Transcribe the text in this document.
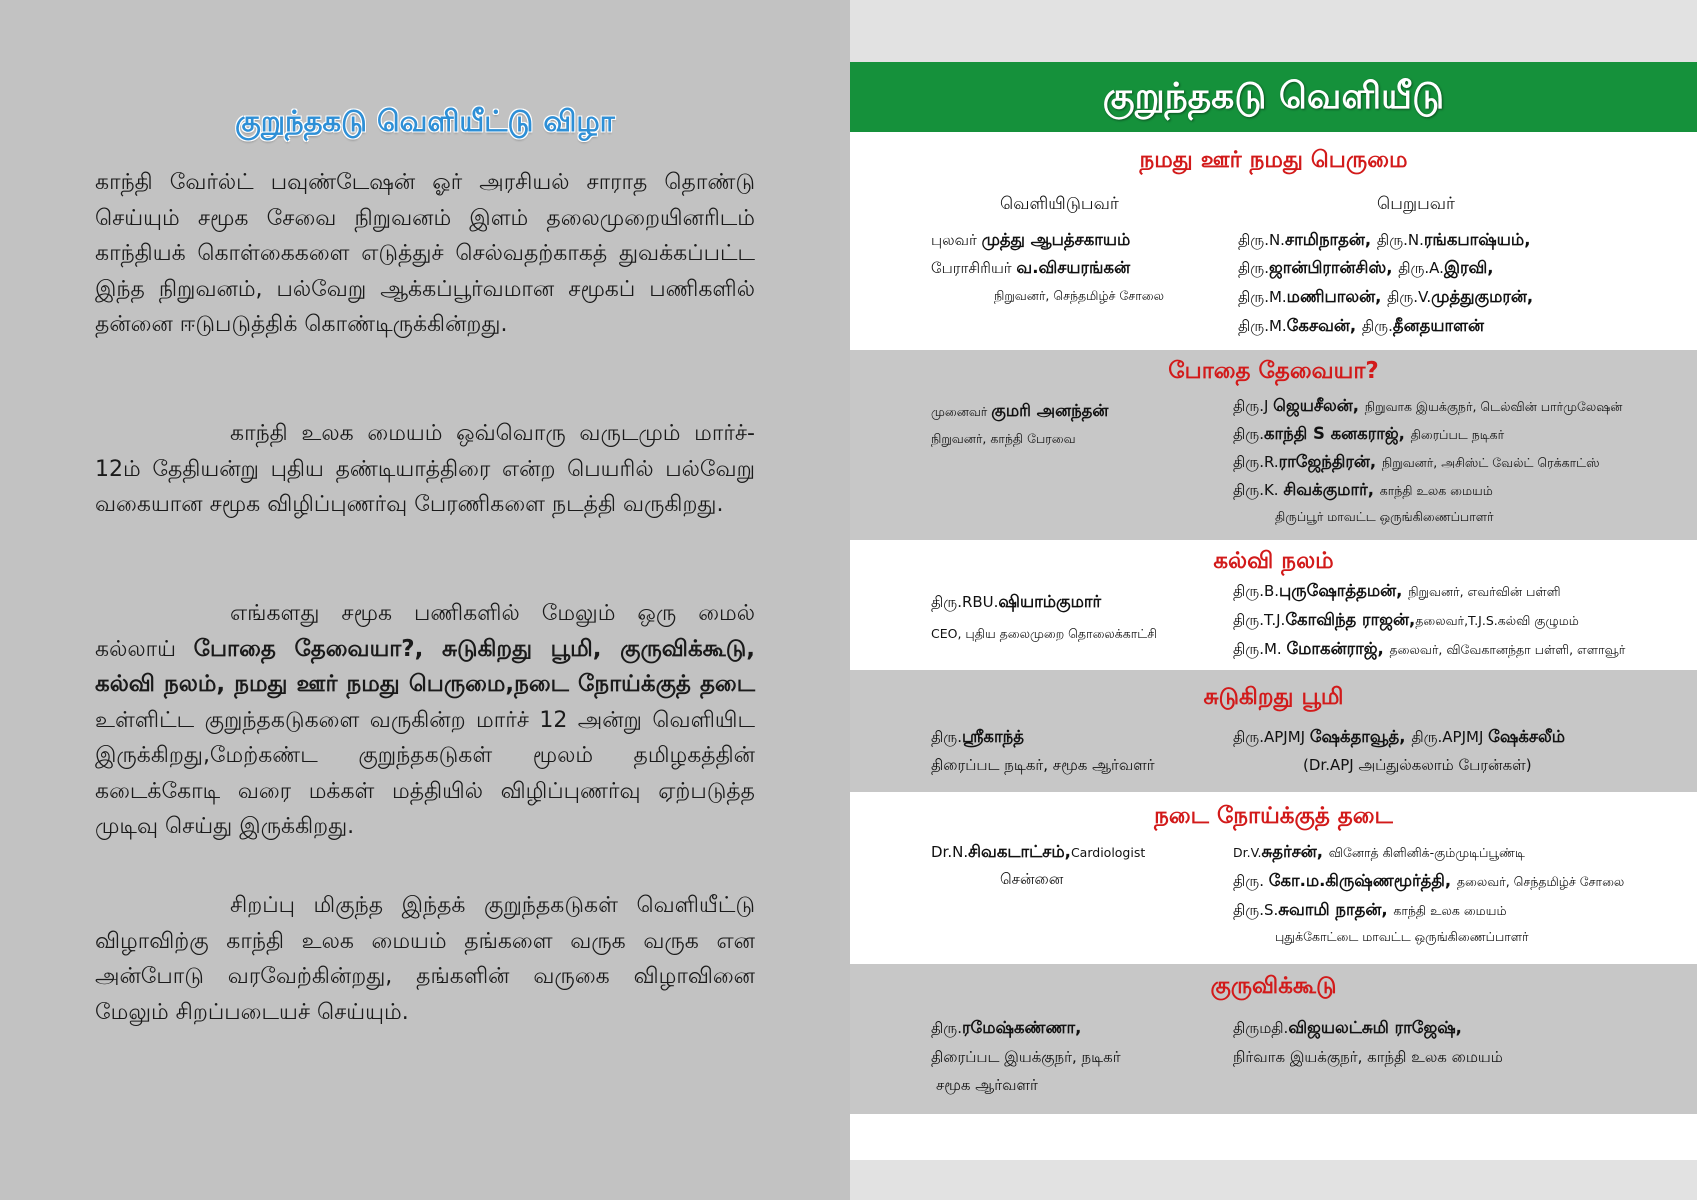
குறுந்தகடு வெளியீட்டு விழா

காந்தி வேர்ல்ட் பவுண்டேஷன் ஓர் அரசியல் சாராத தொண்டு செய்யும் சமூக சேவை நிறுவனம் இளம் தலைமுறையினரிடம் காந்தியக் கொள்கைகளை எடுத்துச் செல்வதற்காகத் துவக்கப்பட்ட இந்த நிறுவனம், பல்வேறு ஆக்கப்பூர்வமான சமூகப் பணிகளில் தன்னை ஈடுபடுத்திக் கொண்டிருக்கின்றது.

காந்தி உலக மையம் ஒவ்வொரு வருடமும் மார்ச்- 12ம் தேதியன்று புதிய தண்டியாத்திரை என்ற பெயரில் பல்வேறு வகையான சமூக விழிப்புணர்வு பேரணிகளை நடத்தி வருகிறது.

எங்களது சமூக பணிகளில் மேலும் ஒரு மைல் கல்லாய் போதை தேவையா?, சுடுகிறது பூமி, குருவிக்கூடு, கல்வி நலம், நமது ஊர் நமது பெருமை,நடை நோய்க்குத் தடை உள்ளிட்ட குறுந்தகடுகளை வருகின்ற மார்ச் 12 அன்று வெளியிட இருக்கிறது,மேற்கண்ட குறுந்தகடுகள் மூலம் தமிழகத்தின் கடைக்கோடி வரை மக்கள் மத்தியில் விழிப்புணர்வு ஏற்படுத்த முடிவு செய்து இருக்கிறது.

சிறப்பு மிகுந்த இந்தக் குறுந்தகடுகள் வெளியீட்டு விழாவிற்கு காந்தி உலக மையம் தங்களை வருக வருக என அன்போடு வரவேற்கின்றது, தங்களின் வருகை விழாவினை மேலும் சிறப்படையச் செய்யும்.

குறுந்தகடு வெளியீடு
நமது ஊர் நமது பெருமை
வெளியிடுபவர்	பெறுபவர்
புலவர் முத்து ஆபத்சகாயம்
பேராசிரியர் வ.விசயரங்கன்
நிறுவனர், செந்தமிழ்ச் சோலை
திரு.N.சாமிநாதன், திரு.N.ரங்கபாஷ்யம்,
திரு.ஜான்பிரான்சிஸ், திரு.A.இரவி,
திரு.M.மணிபாலன், திரு.V.முத்துகுமரன்,
திரு.M.கேசவன், திரு.தீனதயாளன்
போதை தேவையா?
முனைவர் குமரி அனந்தன்
நிறுவனர், காந்தி பேரவை
திரு.J ஜெயசீலன், நிறுவாக இயக்குநர், டெல்வின் பார்முலேஷன்
திரு.காந்தி S கனகராஜ், திரைப்பட நடிகர்
திரு.R.ராஜேந்திரன், நிறுவனர், அசிஸ்ட் வேல்ட் ரெக்காட்ஸ்
திரு.K. சிவக்குமார், காந்தி உலக மையம்
திருப்பூர் மாவட்ட ஒருங்கிணைப்பாளர்
கல்வி நலம்
திரு.RBU.ஷியாம்குமார்
CEO, புதிய தலைமுறை தொலைக்காட்சி
திரு.B.புருஷோத்தமன், நிறுவனர், எவர்வின் பள்ளி
திரு.T.J.கோவிந்த ராஜன்,தலைவர்,T.J.S.கல்வி குழுமம்
திரு.M. மோகன்ராஜ், தலைவர், விவேகானந்தா பள்ளி, எளாவூர்
சுடுகிறது பூமி
திரு.ஸ்ரீகாந்த்
திரைப்பட நடிகர், சமூக ஆர்வளர்
திரு.APJMJ ஷேக்தாவூத், திரு.APJMJ ஷேக்சலீம்
(Dr.APJ அப்துல்கலாம் பேரன்கள்)
நடை நோய்க்குத் தடை
Dr.N.சிவகடாட்சம்,Cardiologist
சென்னை
Dr.V.சுதர்சன், வினோத் கிளினிக்-கும்முடிப்பூண்டி
திரு. கோ.ம.கிருஷ்ணமூர்த்தி, தலைவர், செந்தமிழ்ச் சோலை
திரு.S.சுவாமி நாதன், காந்தி உலக மையம்
புதுக்கோட்டை மாவட்ட ஒருங்கிணைப்பாளர்
குருவிக்கூடு
திரு.ரமேஷ்கண்ணா,
திரைப்பட இயக்குநர், நடிகர்
சமூக ஆர்வளர்
திருமதி.விஜயலட்சுமி ராஜேஷ்,
நிர்வாக இயக்குநர், காந்தி உலக மையம்
